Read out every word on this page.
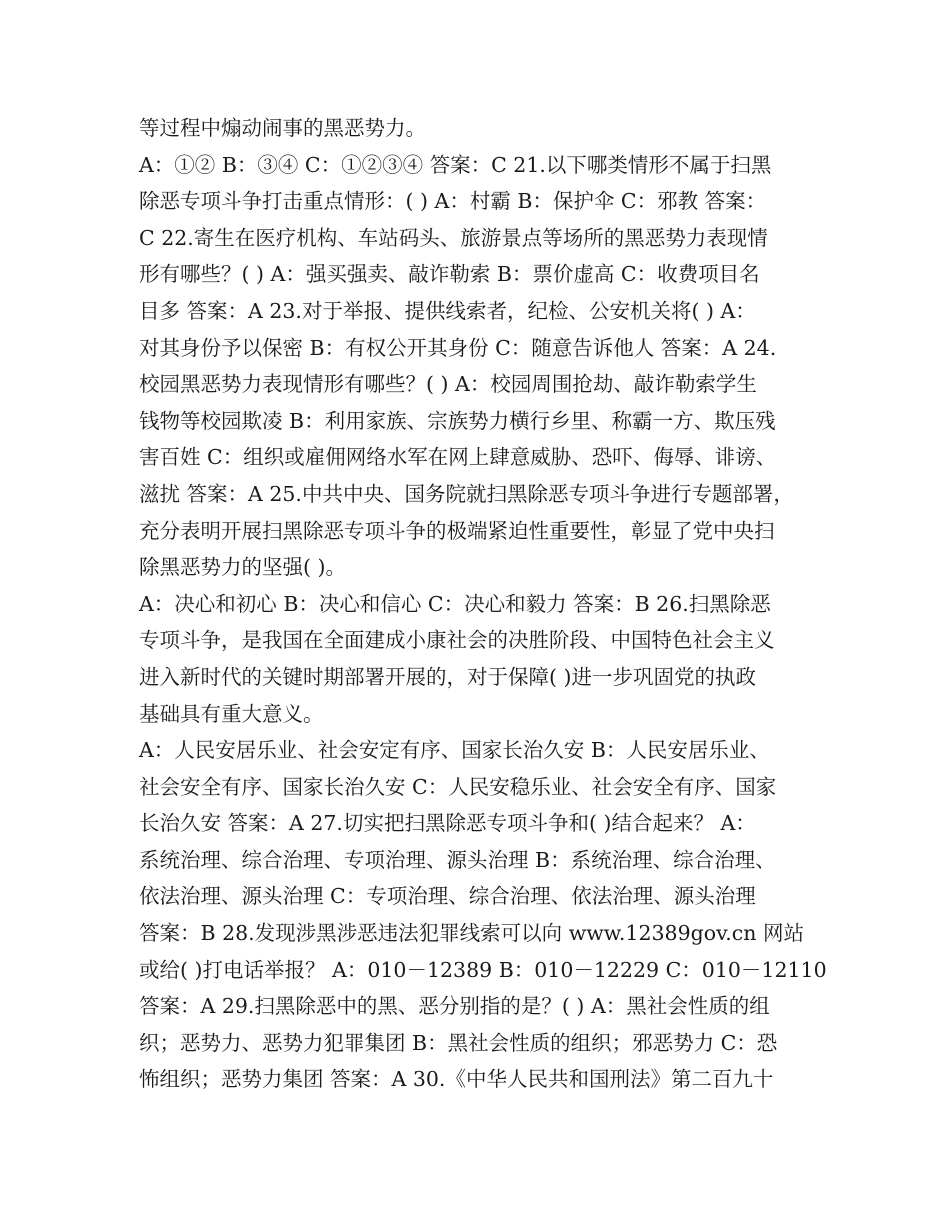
等过程中煽动闹事的黑恶势力。
A：①② B：③④ C：①②③④ 答案：C 21.以下哪类情形不属于扫黑
除恶专项斗争打击重点情形：( ) A：村霸 B：保护伞 C：邪教 答案：
C 22.寄生在医疗机构、车站码头、旅游景点等场所的黑恶势力表现情
形有哪些？( ) A：强买强卖、敲诈勒索 B：票价虚高 C：收费项目名
目多 答案：A 23.对于举报、提供线索者，纪检、公安机关将( ) A：
对其身份予以保密 B：有权公开其身份 C：随意告诉他人 答案：A 24.
校园黑恶势力表现情形有哪些？( ) A：校园周围抢劫、敲诈勒索学生
钱物等校园欺凌 B：利用家族、宗族势力横行乡里、称霸一方、欺压残
害百姓 C：组织或雇佣网络水军在网上肆意威胁、恐吓、侮辱、诽谤、
滋扰 答案：A 25.中共中央、国务院就扫黑除恶专项斗争进行专题部署，
充分表明开展扫黑除恶专项斗争的极端紧迫性重要性，彰显了党中央扫
除黑恶势力的坚强( )。
A：决心和初心 B：决心和信心 C：决心和毅力 答案：B 26.扫黑除恶
专项斗争，是我国在全面建成小康社会的决胜阶段、中国特色社会主义
进入新时代的关键时期部署开展的，对于保障( )进一步巩固党的执政
基础具有重大意义。
A：人民安居乐业、社会安定有序、国家长治久安 B：人民安居乐业、
社会安全有序、国家长治久安 C：人民安稳乐业、社会安全有序、国家
长治久安 答案：A 27.切实把扫黑除恶专项斗争和( )结合起来？ A：
系统治理、综合治理、专项治理、源头治理 B：系统治理、综合治理、
依法治理、源头治理 C：专项治理、综合治理、依法治理、源头治理
答案：B 28.发现涉黑涉恶违法犯罪线索可以向 www.12389gov.cn 网站
或给( )打电话举报？ A：010－12389 B：010－12229 C：010－12110
答案：A 29.扫黑除恶中的黑、恶分别指的是？( ) A：黑社会性质的组
织；恶势力、恶势力犯罪集团 B：黑社会性质的组织；邪恶势力 C：恐
怖组织；恶势力集团 答案：A 30.《中华人民共和国刑法》第二百九十
